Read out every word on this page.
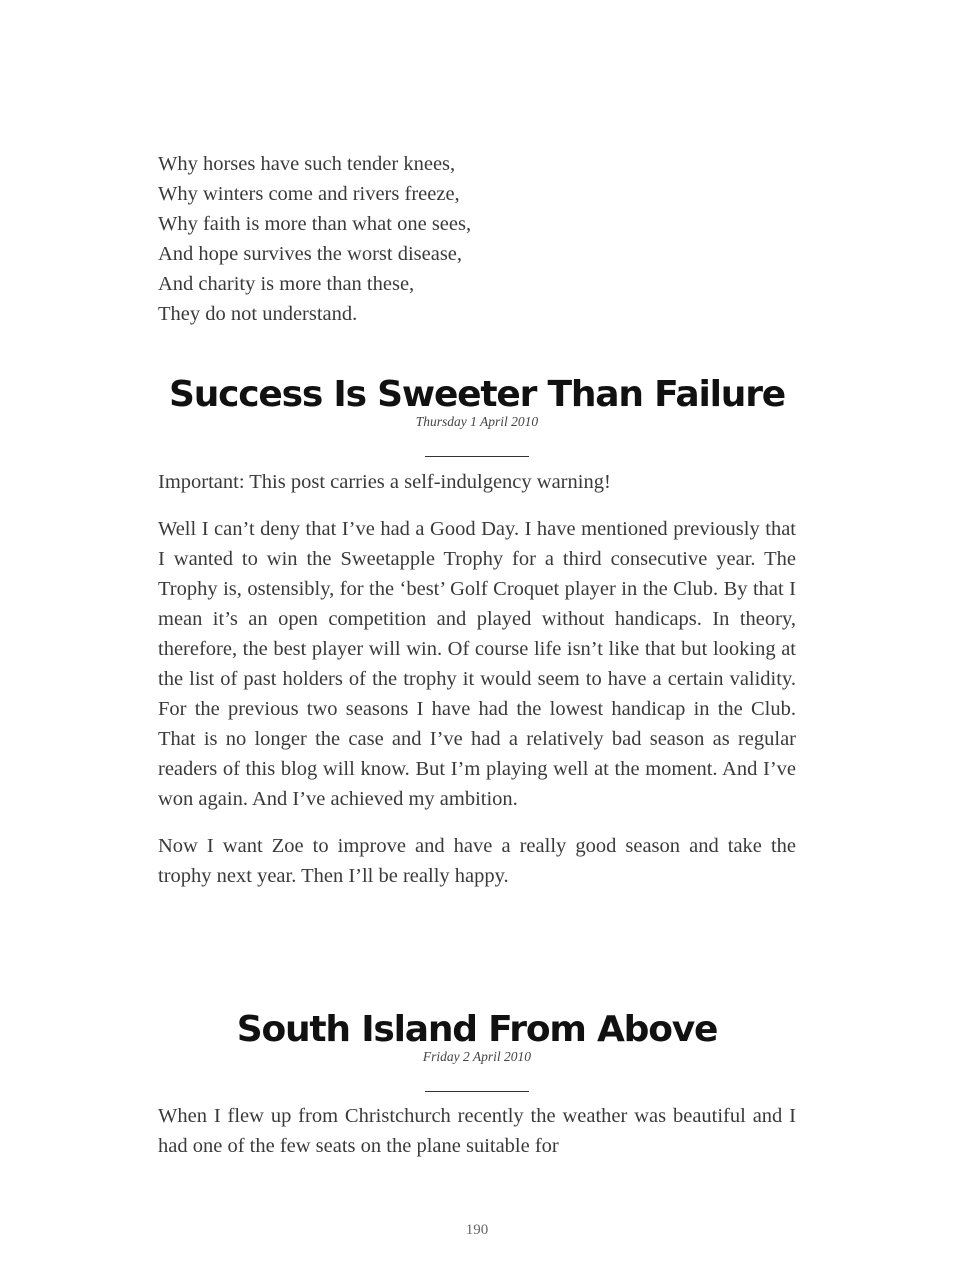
Why horses have such tender knees,
Why winters come and rivers freeze,
Why faith is more than what one sees,
And hope survives the worst disease,
And charity is more than these,
They do not understand.
Success Is Sweeter Than Failure
Thursday 1 April 2010

Important: This post carries a self-indulgency warning!

Well I can’t deny that I’ve had a Good Day. I have mentioned previously that I wanted to win the Sweetapple Trophy for a third consecutive year. The Trophy is, ostensibly, for the ‘best’ Golf Croquet player in the Club. By that I mean it’s an open competition and played without handicaps. In theory, therefore, the best player will win. Of course life isn’t like that but looking at the list of past holders of the trophy it would seem to have a certain validity. For the previous two seasons I have had the lowest handicap in the Club. That is no longer the case and I’ve had a relatively bad season as regular readers of this blog will know. But I’m playing well at the moment. And I’ve won again. And I’ve achieved my ambition.

Now I want Zoe to improve and have a really good season and take the trophy next year. Then I’ll be really happy.

South Island From Above
Friday 2 April 2010

When I flew up from Christchurch recently the weather was beautiful and I had one of the few seats on the plane suitable for

190
